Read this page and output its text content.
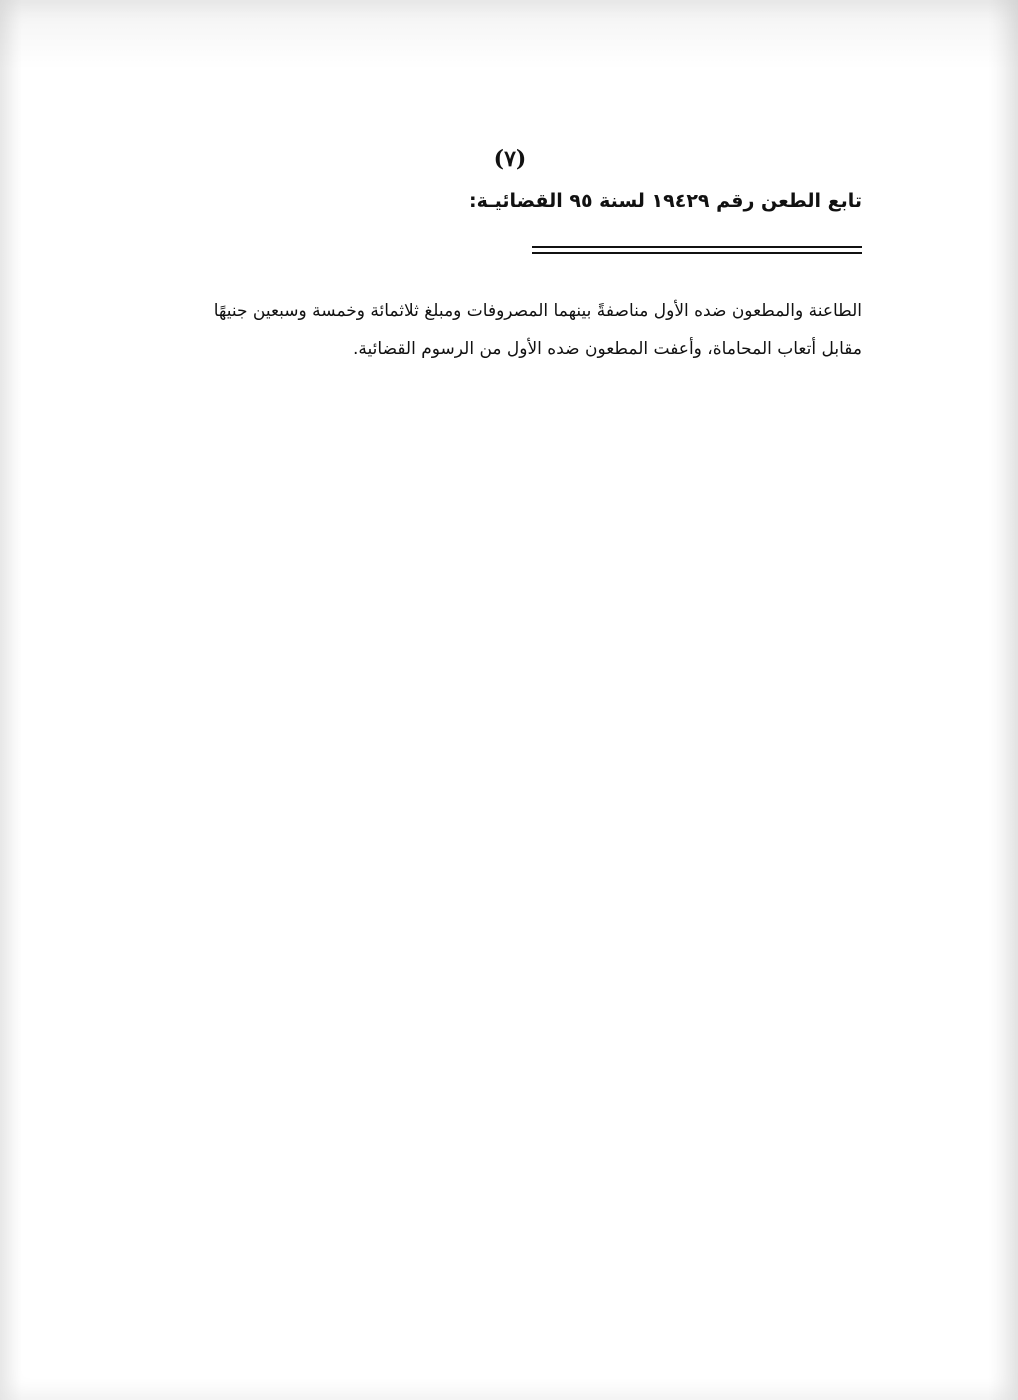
(٧)
تابع الطعن رقم ١٩٤٢٩ لسنة ٩٥ القضائيـة:

الطاعنة والمطعون ضده الأول مناصفةً بينهما المصروفات ومبلغ ثلاثمائة وخمسة وسبعين جنيهًا

مقابل أتعاب المحاماة، وأعفت المطعون ضده الأول من الرسوم القضائية.
